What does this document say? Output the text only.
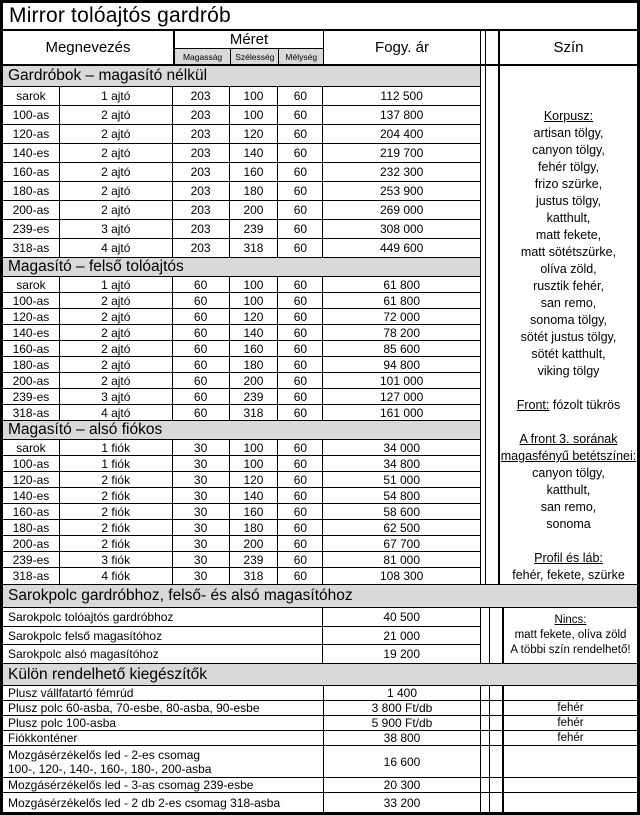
Mirror tolóajtós gardrób
Megnevezés	Méret
Magasság	Szélesség	Mélység
Fogy. ár	Szín
Gardróbok – magasító nélkül
sarok	1 ajtó	203	100	60	112 500
100-as	2 ajtó	203	100	60	137 800
120-as	2 ajtó	203	120	60	204 400
140-es	2 ajtó	203	140	60	219 700
160-as	2 ajtó	203	160	60	232 300
180-as	2 ajtó	203	180	60	253 900
200-as	2 ajtó	203	200	60	269 000
239-es	3 ajtó	203	239	60	308 000
318-as	4 ajtó	203	318	60	449 600
Magasító – felső tolóajtós
sarok	1 ajtó	60	100	60	61 800
100-as	2 ajtó	60	100	60	61 800
120-as	2 ajtó	60	120	60	72 000
140-es	2 ajtó	60	140	60	78 200
160-as	2 ajtó	60	160	60	85 600
180-as	2 ajtó	60	180	60	94 800
200-as	2 ajtó	60	200	60	101 000
239-es	3 ajtó	60	239	60	127 000
318-as	4 ajtó	60	318	60	161 000
Magasító – alsó fiókos
sarok	1 fiók	30	100	60	34 000
100-as	1 fiók	30	100	60	34 800
120-as	2 fiók	30	120	60	51 000
140-es	2 fiók	30	140	60	54 800
160-as	2 fiók	30	160	60	58 600
180-as	2 fiók	30	180	60	62 500
200-as	2 fiók	30	200	60	67 700
239-es	3 fiók	30	239	60	81 000
318-as	4 fiók	30	318	60	108 300
Korpusz:
artisan tölgy,
canyon tölgy,
fehér tölgy,
frizo szürke,
justus tölgy,
katthult,
matt fekete,
matt sötétszürke,
olíva zöld,
rusztik fehér,
san remo,
sonoma tölgy,
sötét justus tölgy,
sötét katthult,
viking tölgy
Front: fózolt tükrös
A front 3. sorának
magasfényű betétszínei:
canyon tölgy,
katthult,
san remo,
sonoma
Profil és láb:
fehér, fekete, szürke
Sarokpolc gardróbhoz, felső- és alsó magasítóhoz
Sarokpolc tolóajtós gardróbhoz	40 500
Sarokpolc felső magasítóhoz	21 000
Sarokpolc alsó magasítóhoz	19 200
Nincs:
matt fekete, olíva zöld
A többi szín rendelhető!
Külön rendelhető kiegészítők
Plusz vállfatartó fémrúd	1 400
Plusz polc 60-asba, 70-esbe, 80-asba, 90-esbe	3 800 Ft/db	fehér
Plusz polc 100-asba	5 900 Ft/db	fehér
Fiókkonténer	38 800	fehér
Mozgásérzékelős led - 2-es csomag
100-, 120-, 140-, 160-, 180-, 200-asba	16 600
Mozgásérzékelős led - 3-as csomag 239-esbe	20 300
Mozgásérzékelős led - 2 db 2-es csomag 318-asba	33 200
